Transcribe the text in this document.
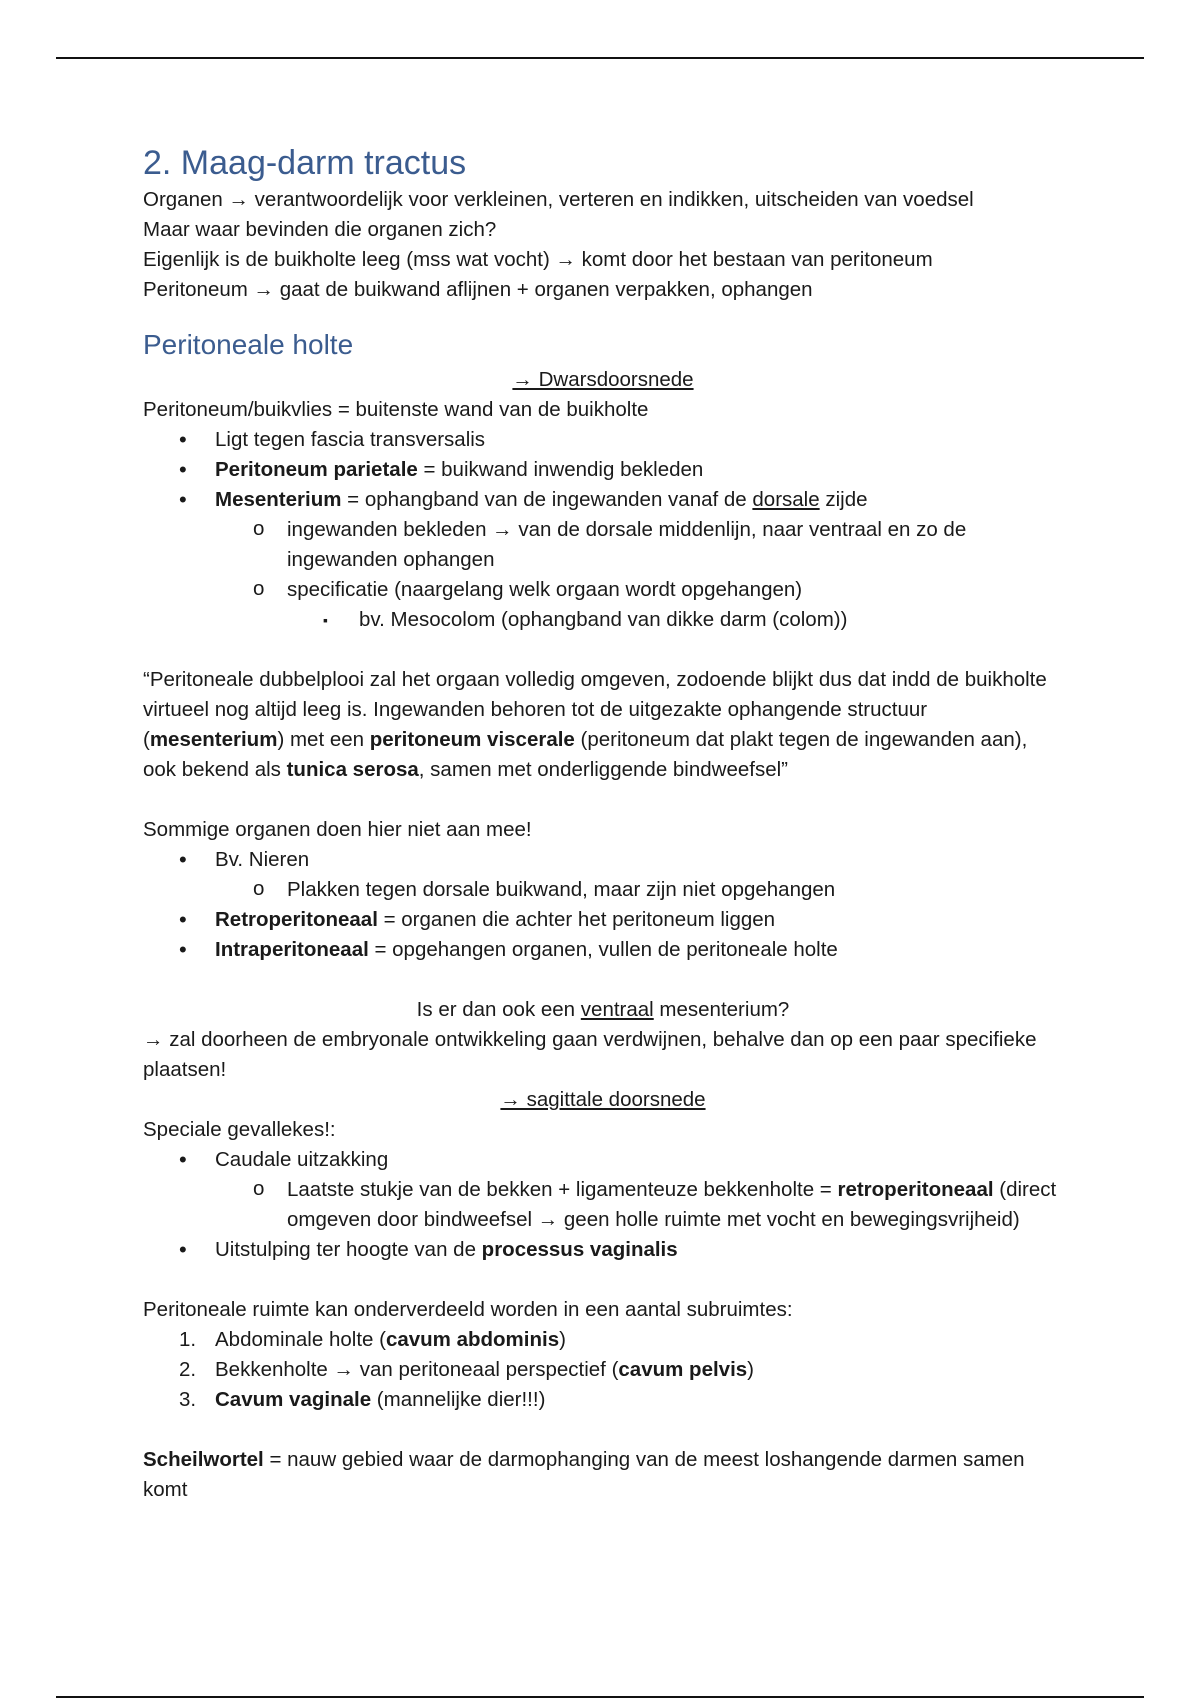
2. Maag-darm tractus

Organen → verantwoordelijk voor verkleinen, verteren en indikken, uitscheiden van voedsel

Maar waar bevinden die organen zich?

Eigenlijk is de buikholte leeg (mss wat vocht) → komt door het bestaan van peritoneum

Peritoneum → gaat de buikwand aflijnen + organen verpakken, ophangen

Peritoneale holte

→ Dwarsdoorsnede

Peritoneum/buikvlies = buitenste wand van de buikholte

• Ligt tegen fascia transversalis
• Peritoneum parietale = buikwand inwendig bekleden
• Mesenterium = ophangband van de ingewanden vanaf de dorsale zijde
o ingewanden bekleden → van de dorsale middenlijn, naar ventraal en zo de ingewanden ophangen
o specificatie (naargelang welk orgaan wordt opgehangen)
▪ bv. Mesocolom (ophangband van dikke darm (colom))

“Peritoneale dubbelplooi zal het orgaan volledig omgeven, zodoende blijkt dus dat indd de buikholte virtueel nog altijd leeg is. Ingewanden behoren tot de uitgezakte ophangende structuur (mesenterium) met een peritoneum viscerale (peritoneum dat plakt tegen de ingewanden aan), ook bekend als tunica serosa, samen met onderliggende bindweefsel”

Sommige organen doen hier niet aan mee!

• Bv. Nieren
o Plakken tegen dorsale buikwand, maar zijn niet opgehangen
• Retroperitoneaal = organen die achter het peritoneum liggen
• Intraperitoneaal = opgehangen organen, vullen de peritoneale holte

Is er dan ook een ventraal mesenterium?

→ zal doorheen de embryonale ontwikkeling gaan verdwijnen, behalve dan op een paar specifieke plaatsen!

→ sagittale doorsnede

Speciale gevallekes!:

• Caudale uitzakking
o Laatste stukje van de bekken + ligamenteuze bekkenholte = retroperitoneaal (direct omgeven door bindweefsel → geen holle ruimte met vocht en bewegingsvrijheid)
• Uitstulping ter hoogte van de processus vaginalis

Peritoneale ruimte kan onderverdeeld worden in een aantal subruimtes:

1. Abdominale holte (cavum abdominis)
2. Bekkenholte → van peritoneaal perspectief (cavum pelvis)
3. Cavum vaginale (mannelijke dier!!!)

Scheilwortel = nauw gebied waar de darmophanging van de meest loshangende darmen samen komt
